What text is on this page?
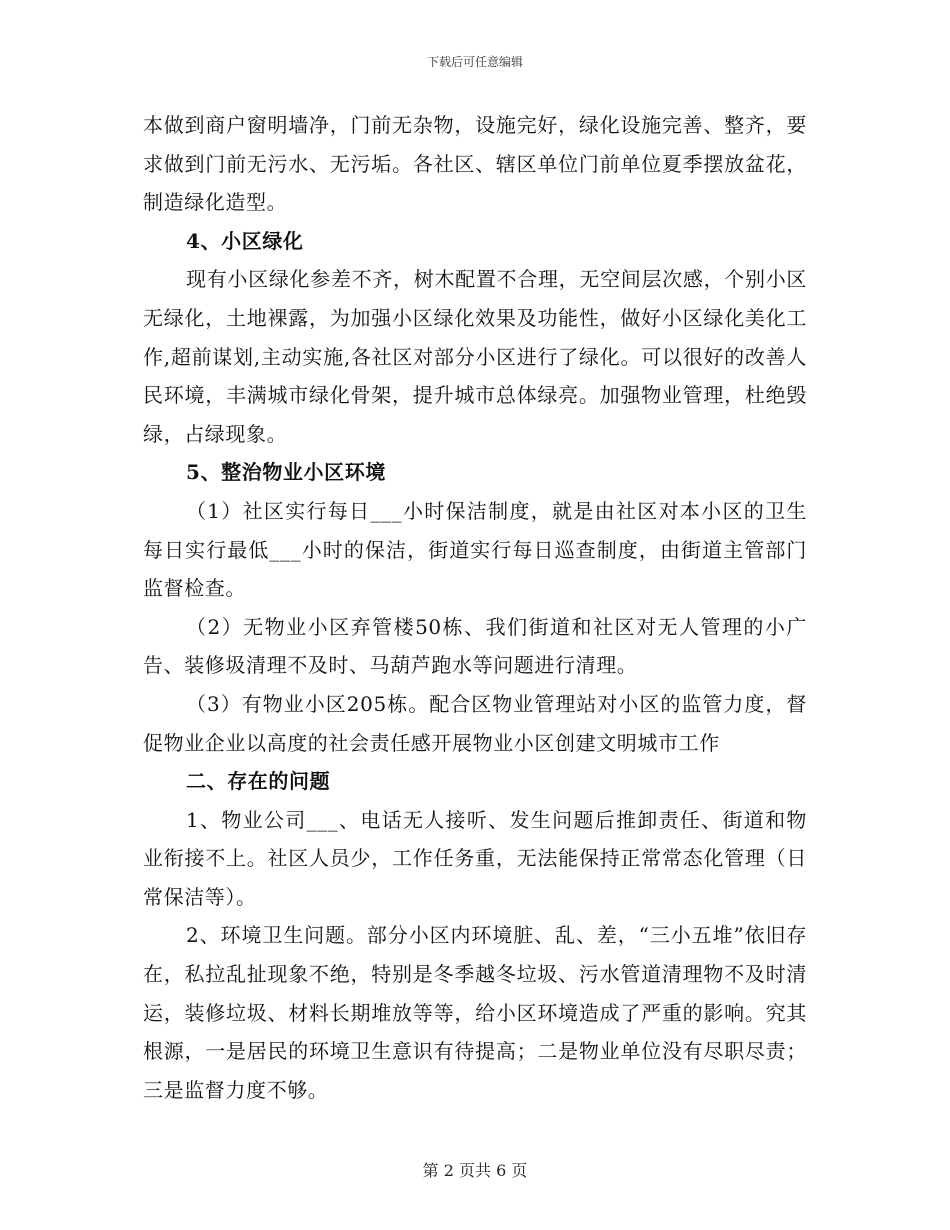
下载后可任意编辑

本做到商户窗明墙净，门前无杂物，设施完好，绿化设施完善、整齐，要求做到门前无污水、无污垢。各社区、辖区单位门前单位夏季摆放盆花，制造绿化造型。

4、小区绿化

现有小区绿化参差不齐，树木配置不合理，无空间层次感，个别小区无绿化，土地裸露，为加强小区绿化效果及功能性，做好小区绿化美化工作,超前谋划,主动实施,各社区对部分小区进行了绿化。可以很好的改善人民环境，丰满城市绿化骨架，提升城市总体绿亮。加强物业管理，杜绝毁绿，占绿现象。

5、整治物业小区环境

（1）社区实行每日___小时保洁制度，就是由社区对本小区的卫生每日实行最低___小时的保洁，街道实行每日巡查制度，由街道主管部门监督检查。

（2）无物业小区弃管楼50栋、我们街道和社区对无人管理的小广告、装修圾清理不及时、马葫芦跑水等问题进行清理。

（3）有物业小区205栋。配合区物业管理站对小区的监管力度，督促物业企业以高度的社会责任感开展物业小区创建文明城市工作

二、存在的问题

1、物业公司___、电话无人接听、发生问题后推卸责任、街道和物业衔接不上。社区人员少，工作任务重，无法能保持正常常态化管理（日常保洁等）。

2、环境卫生问题。部分小区内环境脏、乱、差，“三小五堆”依旧存在，私拉乱扯现象不绝，特别是冬季越冬垃圾、污水管道清理物不及时清运，装修垃圾、材料长期堆放等等，给小区环境造成了严重的影响。究其根源，一是居民的环境卫生意识有待提高；二是物业单位没有尽职尽责；三是监督力度不够。

第 2 页共 6 页
